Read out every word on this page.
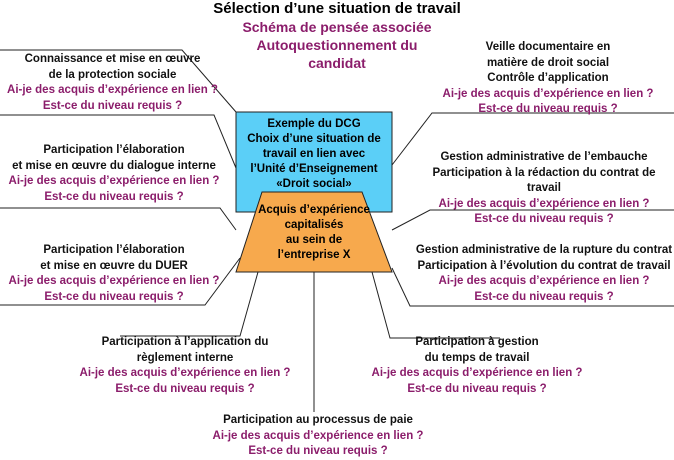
Sélection d’une situation de travail
Schéma de pensée associée
Autoquestionnement du
candidat
Exemple du DCG
Choix d’une situation de
travail en lien avec
l’Unité d’Enseignement
«Droit social»
Acquis d’expérience
capitalisés
au sein de
l’entreprise X
Connaissance et mise en œuvre
de la protection sociale
Ai-je des acquis d’expérience en lien ?
Est-ce du niveau requis ?
Participation l’élaboration
et mise en œuvre du dialogue interne
Ai-je des acquis d’expérience en lien ?
Est-ce du niveau requis ?
Participation l’élaboration
et mise en œuvre du DUER
Ai-je des acquis d’expérience en lien ?
Est-ce du niveau requis ?
Participation à l’application du
règlement interne
Ai-je des acquis d’expérience en lien ?
Est-ce du niveau requis ?
Participation au processus de paie
Ai-je des acquis d’expérience en lien ?
Est-ce du niveau requis ?
Participation à gestion
du temps de travail
Ai-je des acquis d’expérience en lien ?
Est-ce du niveau requis ?
Gestion administrative de la rupture du contrat
Participation à l’évolution du contrat de travail
Ai-je des acquis d’expérience en lien ?
Est-ce du niveau requis ?
Gestion administrative de l’embauche
Participation à la rédaction du contrat de travail
Ai-je des acquis d’expérience en lien ?
Est-ce du niveau requis ?
Veille documentaire en
matière de droit social
Contrôle d’application
Ai-je des acquis d’expérience en lien ?
Est-ce du niveau requis ?
